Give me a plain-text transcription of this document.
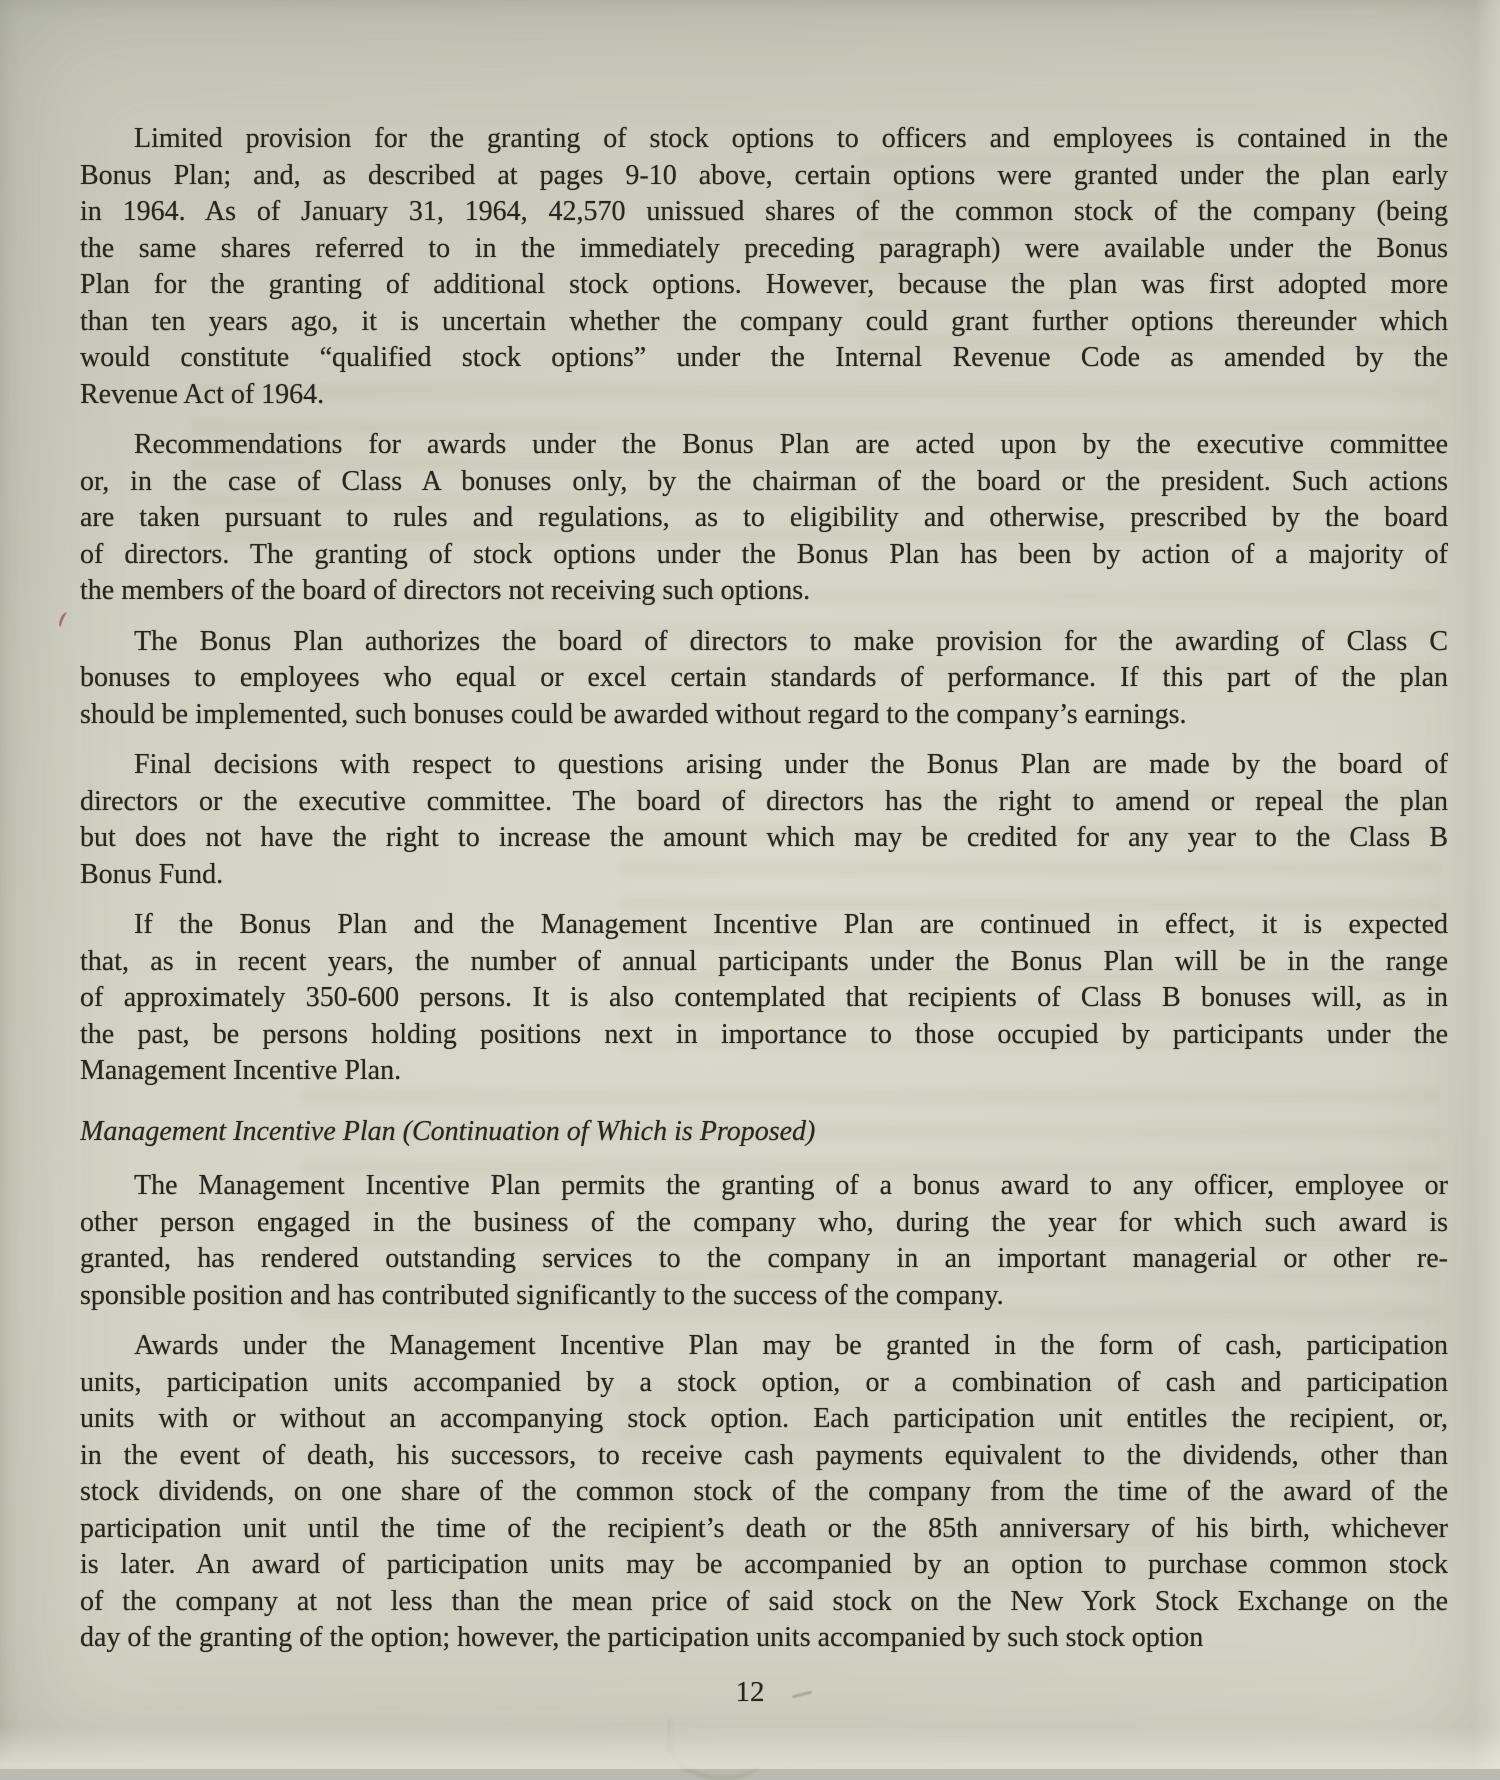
Limited provision for the granting of stock options to officers and employees is contained in the
Bonus Plan; and, as described at pages 9-10 above, certain options were granted under the plan early
in 1964. As of January 31, 1964, 42,570 unissued shares of the common stock of the company (being
the same shares referred to in the immediately preceding paragraph) were available under the Bonus
Plan for the granting of additional stock options. However, because the plan was first adopted more
than ten years ago, it is uncertain whether the company could grant further options thereunder which
would constitute “qualified stock options” under the Internal Revenue Code as amended by the
Revenue Act of 1964.
Recommendations for awards under the Bonus Plan are acted upon by the executive committee
or, in the case of Class A bonuses only, by the chairman of the board or the president. Such actions
are taken pursuant to rules and regulations, as to eligibility and otherwise, prescribed by the board
of directors. The granting of stock options under the Bonus Plan has been by action of a majority of
the members of the board of directors not receiving such options.
The Bonus Plan authorizes the board of directors to make provision for the awarding of Class C
bonuses to employees who equal or excel certain standards of performance. If this part of the plan
should be implemented, such bonuses could be awarded without regard to the company’s earnings.
Final decisions with respect to questions arising under the Bonus Plan are made by the board of
directors or the executive committee. The board of directors has the right to amend or repeal the plan
but does not have the right to increase the amount which may be credited for any year to the Class B
Bonus Fund.
If the Bonus Plan and the Management Incentive Plan are continued in effect, it is expected
that, as in recent years, the number of annual participants under the Bonus Plan will be in the range
of approximately 350-600 persons. It is also contemplated that recipients of Class B bonuses will, as in
the past, be persons holding positions next in importance to those occupied by participants under the
Management Incentive Plan.
Management Incentive Plan (Continuation of Which is Proposed)
The Management Incentive Plan permits the granting of a bonus award to any officer, employee or
other person engaged in the business of the company who, during the year for which such award is
granted, has rendered outstanding services to the company in an important managerial or other re-
sponsible position and has contributed significantly to the success of the company.
Awards under the Management Incentive Plan may be granted in the form of cash, participation
units, participation units accompanied by a stock option, or a combination of cash and participation
units with or without an accompanying stock option. Each participation unit entitles the recipient, or,
in the event of death, his successors, to receive cash payments equivalent to the dividends, other than
stock dividends, on one share of the common stock of the company from the time of the award of the
participation unit until the time of the recipient’s death or the 85th anniversary of his birth, whichever
is later. An award of participation units may be accompanied by an option to purchase common stock
of the company at not less than the mean price of said stock on the New York Stock Exchange on the
day of the granting of the option; however, the participation units accompanied by such stock option
12
